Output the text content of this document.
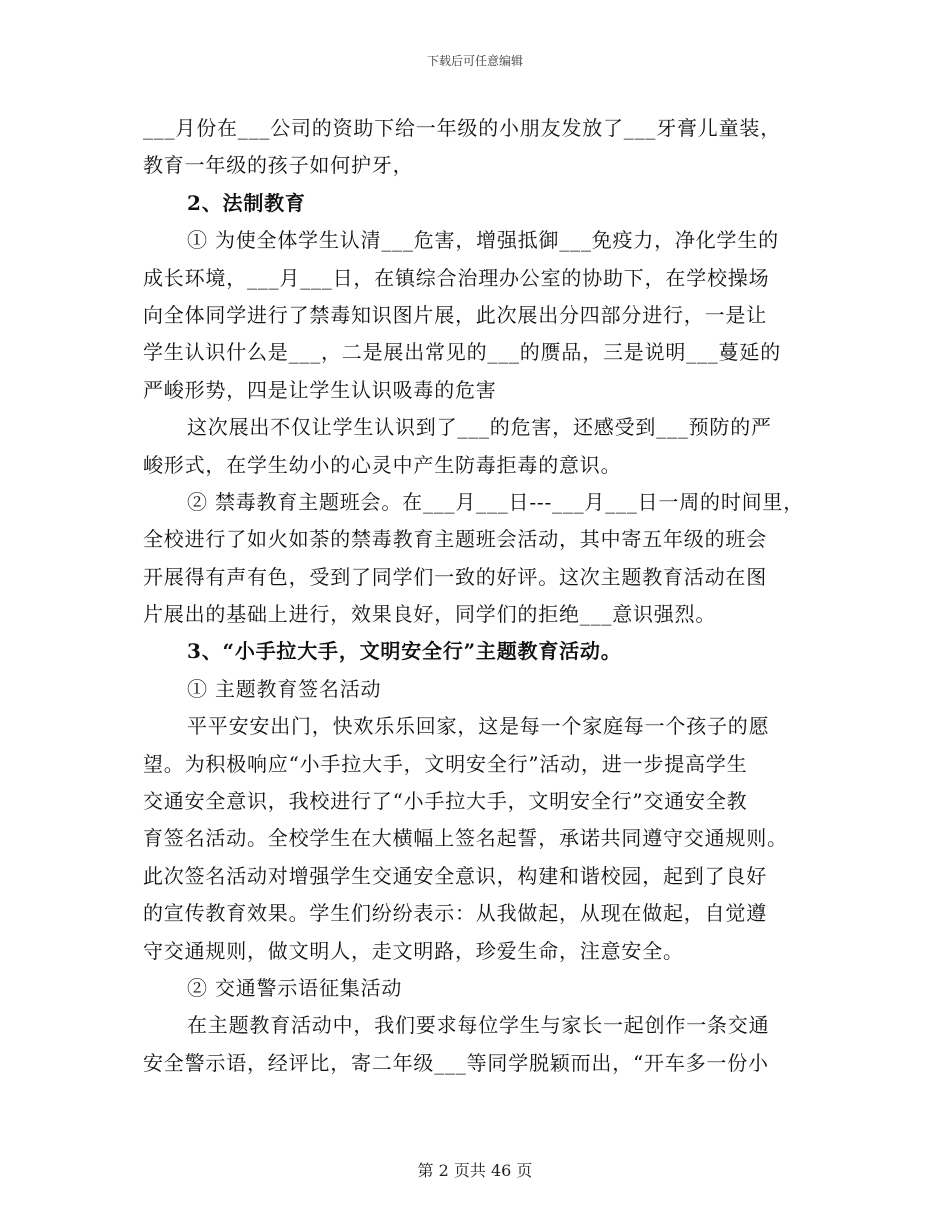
下载后可任意编辑
___月份在___公司的资助下给一年级的小朋友发放了___牙膏儿童装，
教育一年级的孩子如何护牙，
2、法制教育
① 为使全体学生认清___危害，增强抵御___免疫力，净化学生的
成长环境，___月___日，在镇综合治理办公室的协助下，在学校操场
向全体同学进行了禁毒知识图片展，此次展出分四部分进行，一是让
学生认识什么是___，二是展出常见的___的赝品，三是说明___蔓延的
严峻形势，四是让学生认识吸毒的危害
这次展出不仅让学生认识到了___的危害，还感受到___预防的严
峻形式，在学生幼小的心灵中产生防毒拒毒的意识。
② 禁毒教育主题班会。在___月___日---___月___日一周的时间里，
全校进行了如火如荼的禁毒教育主题班会活动，其中寄五年级的班会
开展得有声有色，受到了同学们一致的好评。这次主题教育活动在图
片展出的基础上进行，效果良好，同学们的拒绝___意识强烈。
3、“小手拉大手，文明安全行”主题教育活动。
① 主题教育签名活动
平平安安出门，快欢乐乐回家，这是每一个家庭每一个孩子的愿
望。为积极响应“小手拉大手，文明安全行”活动，进一步提高学生
交通安全意识，我校进行了“小手拉大手，文明安全行”交通安全教
育签名活动。全校学生在大横幅上签名起誓，承诺共同遵守交通规则。
此次签名活动对增强学生交通安全意识，构建和谐校园，起到了良好
的宣传教育效果。学生们纷纷表示：从我做起，从现在做起，自觉遵
守交通规则，做文明人，走文明路，珍爱生命，注意安全。
② 交通警示语征集活动
在主题教育活动中，我们要求每位学生与家长一起创作一条交通
安全警示语，经评比，寄二年级___等同学脱颖而出，“开车多一份小
第 2 页共 46 页
